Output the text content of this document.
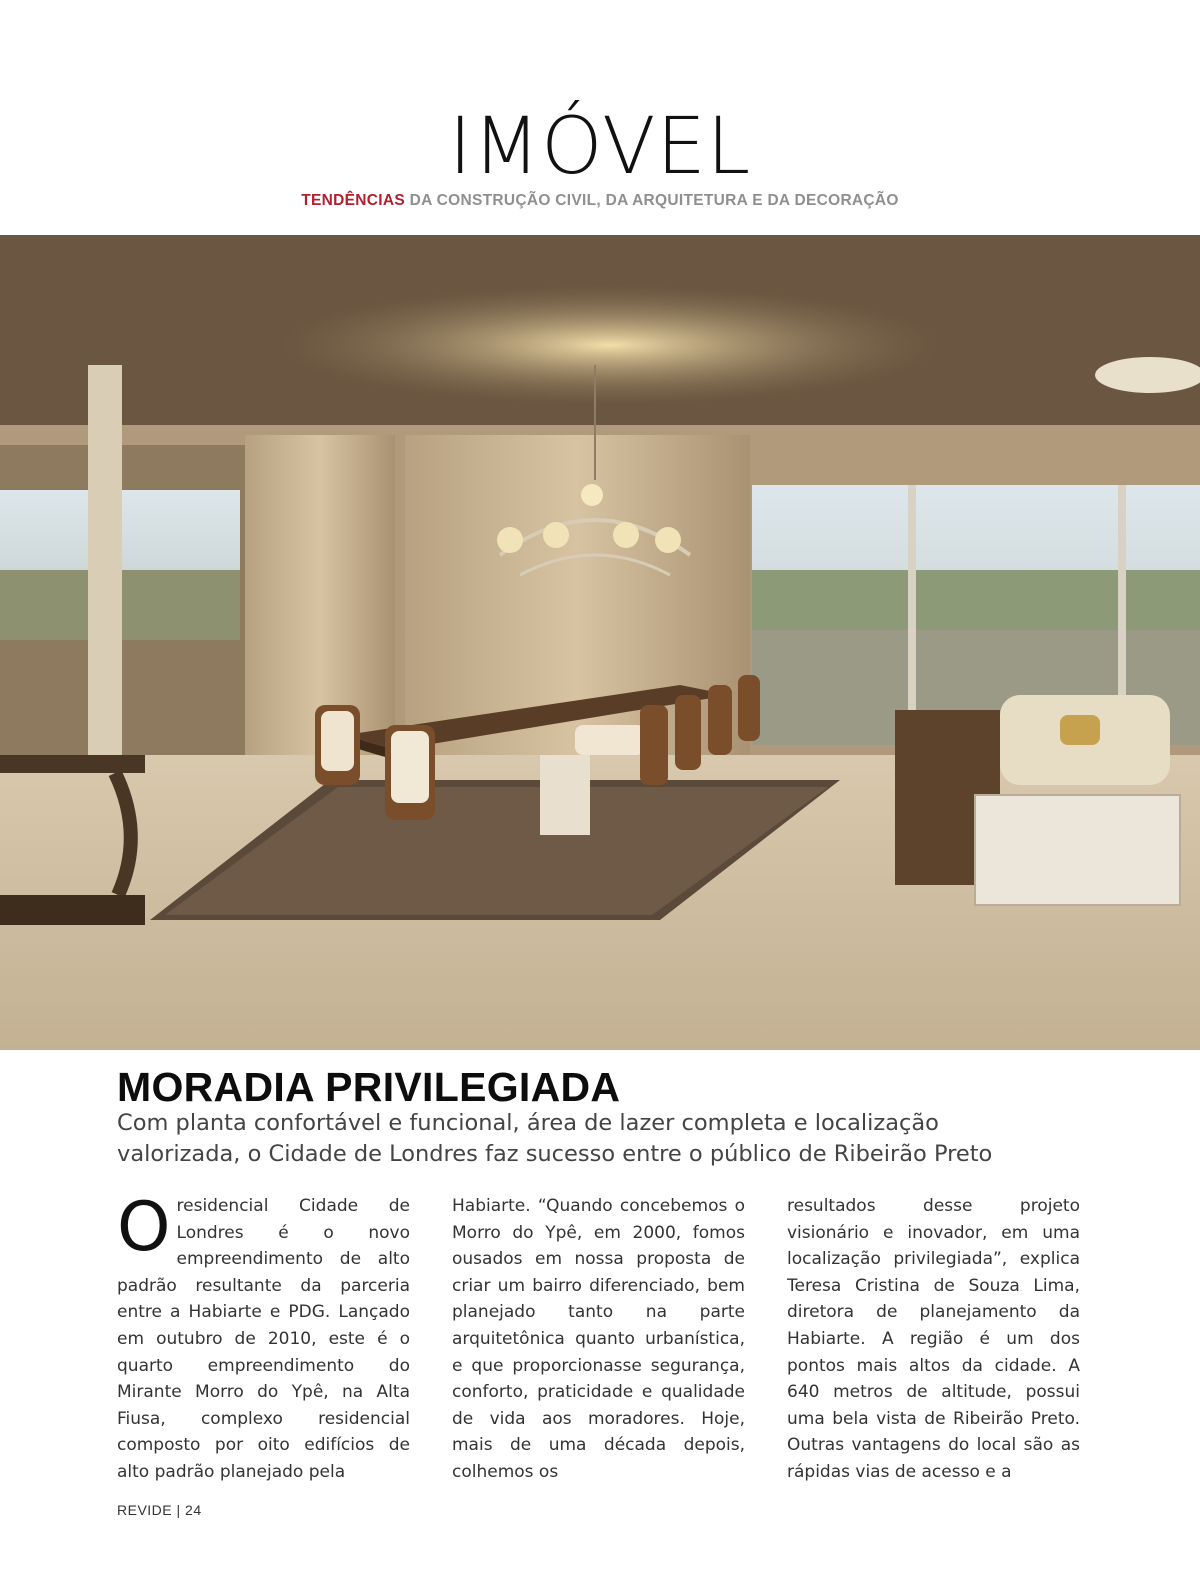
IMÓVEL
TENDÊNCIAS DA CONSTRUÇÃO CIVIL, DA ARQUITETURA E DA DECORAÇÃO
MORADIA PRIVILEGIADA

Com planta confortável e funcional, área de lazer completa e localização valorizada, o Cidade de Londres faz sucesso entre o público de Ribeirão Preto

Oresidencial Cidade de Londres é o novo empreendimento de alto padrão resultante da parceria entre a Habiarte e PDG. Lançado em outubro de 2010, este é o quarto empreendimento do Mirante Morro do Ypê, na Alta Fiusa, complexo residencial composto por oito edifícios de alto padrão planejado pela

Habiarte. “Quando concebemos o Morro do Ypê, em 2000, fomos ousados em nossa proposta de criar um bairro diferenciado, bem planejado tanto na parte arquitetônica quanto urbanística, e que proporcionasse segurança, conforto, praticidade e qualidade de vida aos moradores. Hoje, mais de uma década depois, colhemos os

resultados desse projeto visionário e inovador, em uma localização privilegiada”, explica Teresa Cristina de Souza Lima, diretora de planejamento da Habiarte. A região é um dos pontos mais altos da cidade. A 640 metros de altitude, possui uma bela vista de Ribeirão Preto. Outras vantagens do local são as rápidas vias de acesso e a

REVIDE | 24
